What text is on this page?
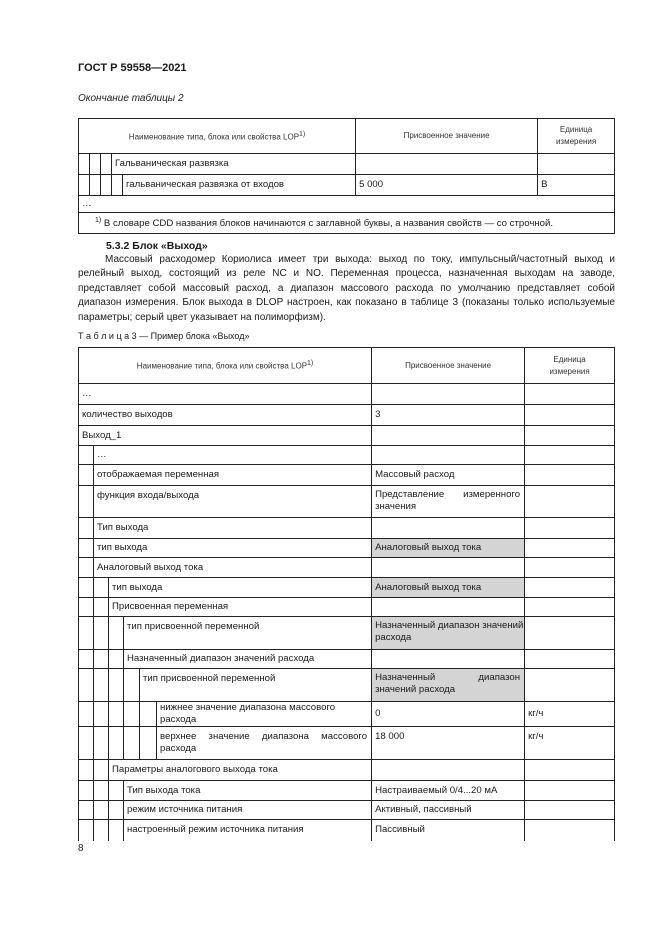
ГОСТ Р 59558—2021
Окончание таблицы 2
Наименование типа, блока или свойства LOP1)					Присвоенное значение	Единица
измерения
			Гальваническая развязка			
				гальваническая развязка от входов	5 000	В
…						
$^{1)}$ В словаре CDD названия блоков начинаются с заглавной буквы, а названия свойств — со строчной.						
5.3.2 Блок «Выход»

Массовый расходомер Кориолиса имеет три выхода: выход по току, импульсный/частотный выход и релейный выход, состоящий из реле NC и NO. Переменная процесса, назначенная выходам на заводе, представляет собой массовый расход, а диапазон массового расхода по умолчанию представляет собой диапазон измерения. Блок выхода в DLOP настроен, как показано в таблице 3 (показаны только используемые параметры; серый цвет указывает на полиморфизм).

Т а б л и ц а 3 — Пример блока «Выход»
Наименование типа, блока или свойства LOP1)						Присвоенное значение	Единица
измерения
…							
количество выходов						3	
Выход_1							
	…						
	отображаемая переменная					Массовый расход	
	функция входа/выхода					Представление измеренного значения	
	Тип выхода						
	тип выхода					Аналоговый выход тока	
	Аналоговый выход тока						
		тип выхода				Аналоговый выход тока	
		Присвоенная переменная					
			тип присвоенной переменной			Назначенный диапазон значений расхода	
			Назначенный диапазон значений расхода				
				тип присвоенной переменной		Назначенный диапазон значений расхода	
					нижнее значение диапазона массового расхода	0	кг/ч
					верхнее значение диапазона массового расхода	18 000	кг/ч
		Параметры аналогового выхода тока					
			Тип выхода тока			Настраиваемый 0/4...20 мА	
			режим источника питания			Активный, пассивный	
			настроенный режим источника питания			Пассивный	
8
